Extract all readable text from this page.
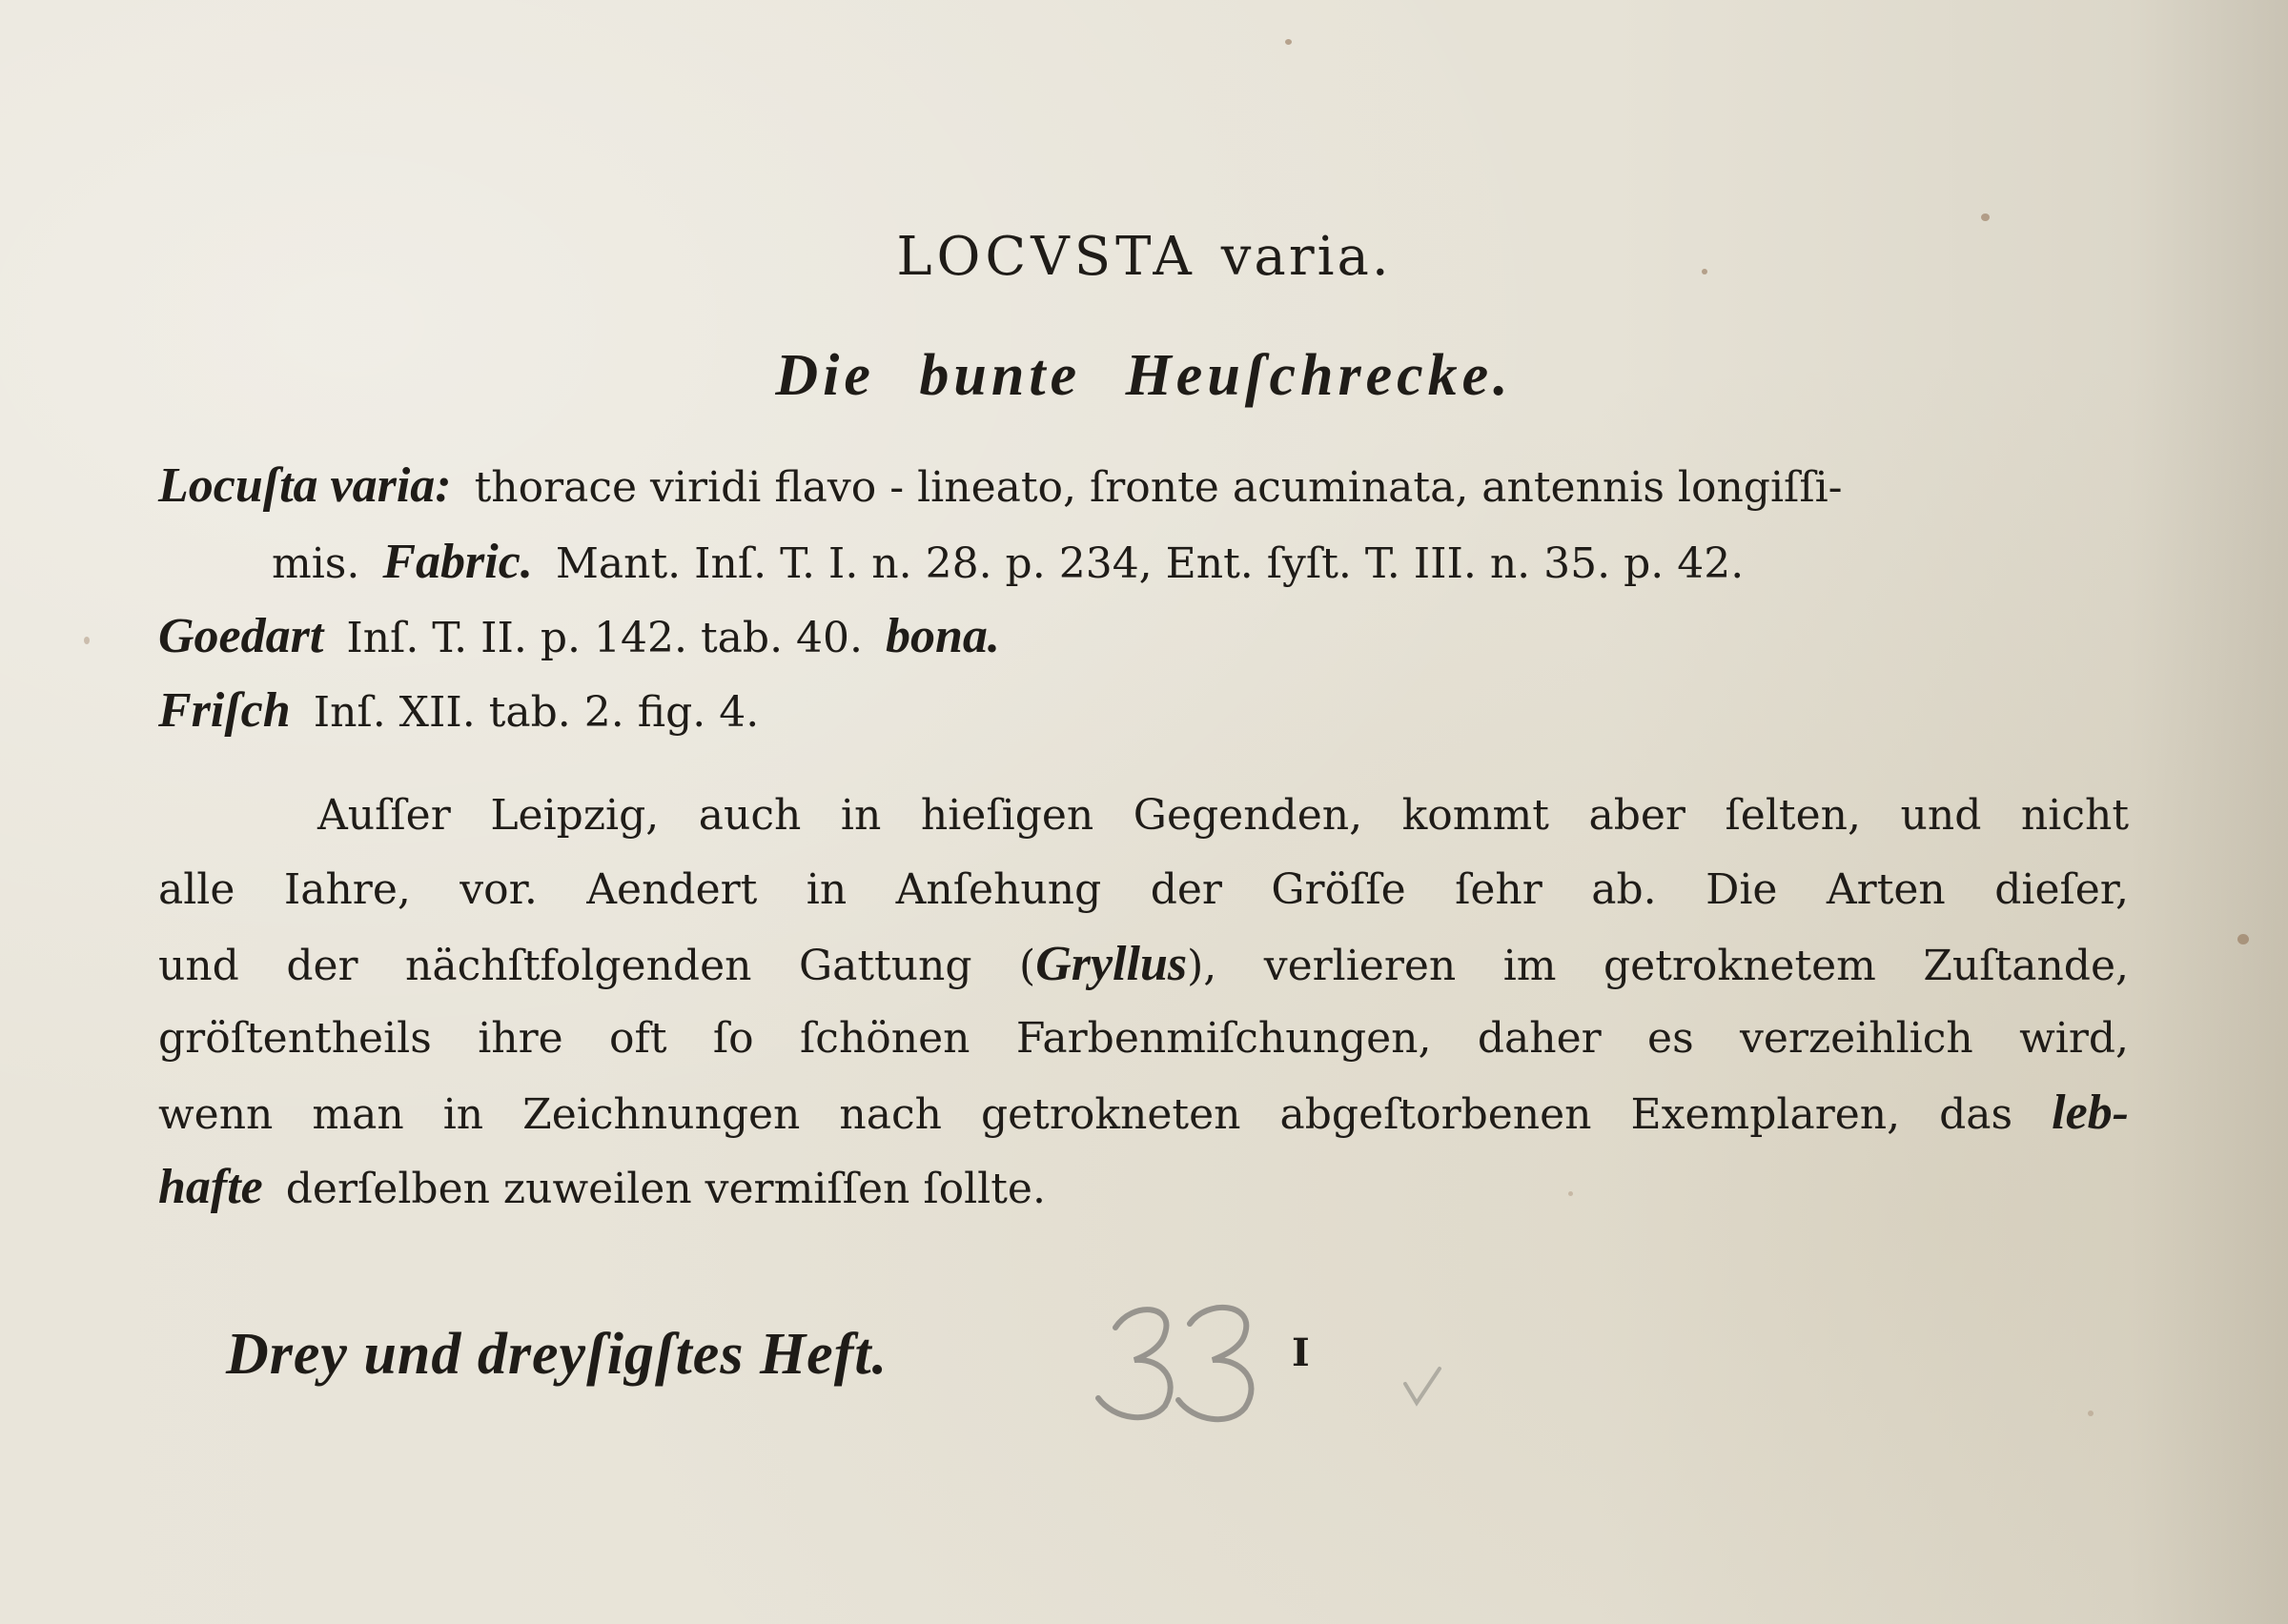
LOCVSTA varia.
Die bunte Heuſchrecke.
Locuſta varia: thorace viridi flavo - lineato, ſronte acuminata, antennis longiſſi-
mis. Fabric. Mant. Inſ. T. I. n. 28. p. 234, Ent. ſyſt. T. III. n. 35. p. 42.
Goedart Inſ. T. II. p. 142. tab. 40. bona.
Friſch Inſ. XII. tab. 2. fig. 4.
Auſſer Leipzig, auch in hieſigen Gegenden, kommt aber ſelten, und nicht
alle Iahre, vor. Aendert in Anſehung der Gröſſe ſehr ab. Die Arten dieſer,
und der nächſtfolgenden Gattung (Gryllus), verlieren im getroknetem Zuſtande,
gröſtentheils ihre oft ſo ſchönen Farbenmiſchungen, daher es verzeihlich wird,
wenn man in Zeichnungen nach getrokneten abgeſtorbenen Exemplaren, das leb-
hafte derſelben zuweilen vermiſſen ſollte.
Drey und dreyſigſtes Heft.	I
